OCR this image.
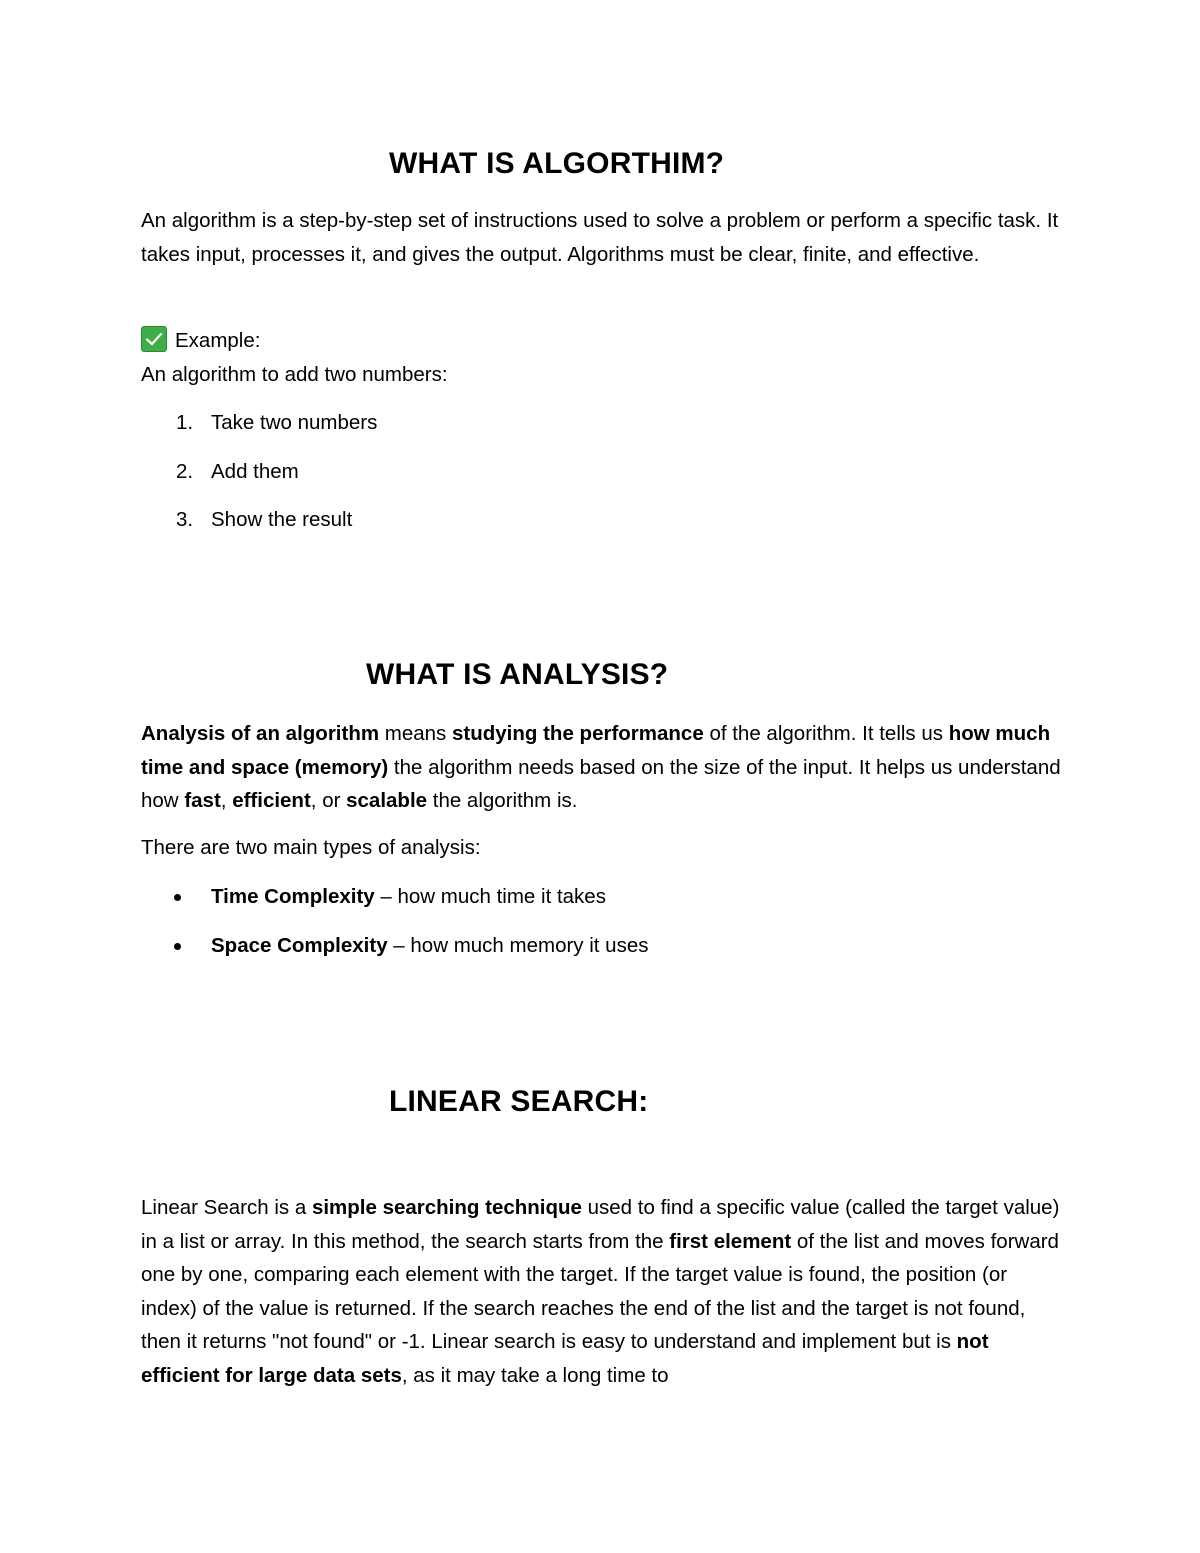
WHAT IS ALGORTHIM?

An algorithm is a step-by-step set of instructions used to solve a problem or perform a specific task. It takes input, processes it, and gives the output. Algorithms must be clear, finite, and effective.

Example:

An algorithm to add two numbers:

1. Take two numbers
2. Add them
3. Show the result
WHAT IS ANALYSIS?

Analysis of an algorithm means studying the performance of the algorithm. It tells us how much time and space (memory) the algorithm needs based on the size of the input. It helps us understand how fast, efficient, or scalable the algorithm is.

There are two main types of analysis:

Time Complexity – how much time it takes

Space Complexity – how much memory it uses

LINEAR SEARCH:

Linear Search is a simple searching technique used to find a specific value (called the target value) in a list or array. In this method, the search starts from the first element of the list and moves forward one by one, comparing each element with the target. If the target value is found, the position (or index) of the value is returned. If the search reaches the end of the list and the target is not found, then it returns "not found" or -1. Linear search is easy to understand and implement but is not efficient for large data sets, as it may take a long time to
